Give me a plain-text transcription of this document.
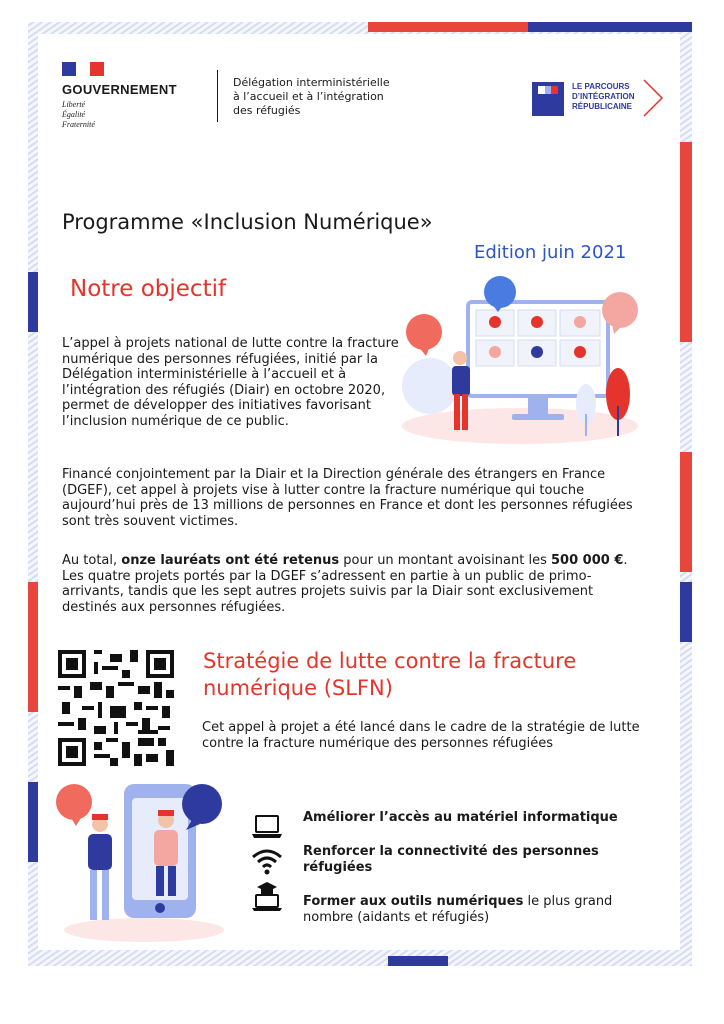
GOUVERNEMENT
Liberté
Égalité
Fraternité
Délégation interministérielle
à l’accueil et à l’intégration
des réfugiés
LE PARCOURS
D’INTÉGRATION
RÉPUBLICAINE
Programme «Inclusion Numérique»
Edition juin 2021
Notre objectif
L’appel à projets national de lutte contre la fracture numérique des personnes réfugiées, initié par la Délégation interministérielle à l’accueil et à l’intégration des réfugiés (Diair) en octobre 2020, permet de développer des initiatives favorisant l’inclusion numérique de ce public.
Financé conjointement par la Diair et la Direction générale des étrangers en France (DGEF), cet appel à projets vise à lutter contre la fracture numérique qui touche aujourd’hui près de 13 millions de personnes en France et dont les personnes réfugiées sont très souvent victimes.
Au total, onze lauréats ont été retenus pour un montant avoisinant les 500 000 €. Les quatre projets portés par la DGEF s’adressent en partie à un public de primo-arrivants, tandis que les sept autres projets suivis par la Diair sont exclusivement destinés aux personnes réfugiées.
Stratégie de lutte contre la fracture numérique (SLFN)
Cet appel à projet a été lancé dans le cadre de la stratégie de lutte contre la fracture numérique des personnes réfugiées
Améliorer l’accès au matériel informatique
Renforcer la connectivité des personnes réfugiées
Former aux outils numériques le plus grand nombre (aidants et réfugiés)
